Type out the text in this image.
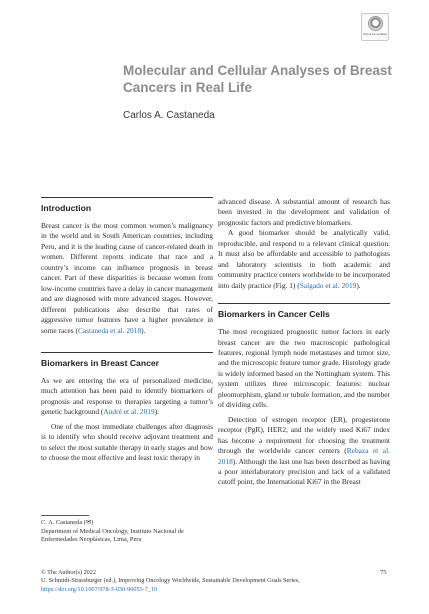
Check for updates
Molecular and Cellular Analyses of Breast Cancers in Real Life
Carlos A. Castaneda
Introduction

Breast cancer is the most common women’s malignancy in the world and in South American countries, including Peru, and it is the leading cause of cancer-related death in women. Different reports indicate that race and a country’s income can influence prognosis in breast cancer. Part of these disparities is because women from low-income countries have a delay in cancer management and are diagnosed with more advanced stages. However, different publications also describe that rates of aggressive tumor features have a higher prevalence in some races (Castaneda et al. 2018).

Biomarkers in Breast Cancer

As we are entering the era of personalized medicine, much attention has been paid to identify biomarkers of prognosis and response to therapies targeting a tumor’s genetic background (André et al. 2019).

One of the most immediate challenges after diagnosis is to identify who should receive adjuvant treatment and to select the most suitable therapy in early stages and how to choose the most effective and least toxic therapy in

advanced disease. A substantial amount of research has been invested in the development and validation of prognostic factors and predictive biomarkers.

A good biomarker should be analytically valid, reproducible, and respond to a relevant clinical question. It must also be affordable and accessible to pathologists and laboratory scientists in both academic and community practice centers worldwide to be incorporated into daily practice (Fig. 1) (Salgado et al. 2019).

Biomarkers in Cancer Cells

The most recognized prognostic tumor factors in early breast cancer are the two macroscopic pathological features, regional lymph node metastases and tumor size, and the microscopic feature tumor grade. Histology grade is widely informed based on the Nottingham system. This system utilizes three microscopic features: nuclear pleomorphism, gland or tubule formation, and the number of dividing cells.

Detection of estrogen receptor (ER), progesterone receptor (PgR), HER2, and the widely used Ki67 index has become a requirement for choosing the treatment through the worldwide cancer centers (Rebaza et al. 2018). Although the last one has been described as having a poor interlaboratory precision and lack of a validated cutoff point, the International Ki67 in the Breast

C. A. Castaneda (✉)
Department of Medical Oncology, Instituto Nacional de Enfermedades Neoplásicas, Lima, Peru
© The Author(s) 2022
U. Schmidt-Strassburger (ed.), Improving Oncology Worldwide, Sustainable Development Goals Series,
https://doi.org/10.1007/978-3-030-96053-7_10
75
